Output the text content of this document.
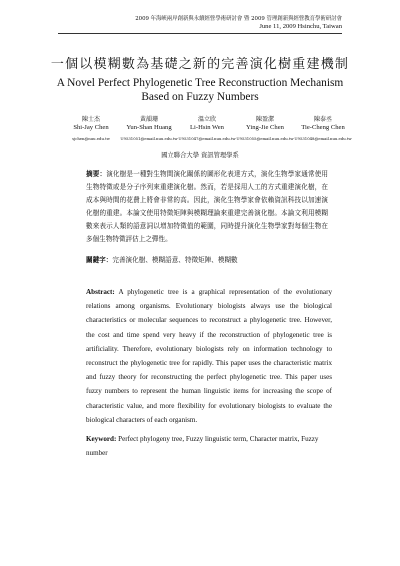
2009 年海峽兩岸創新與永續經營學術研討會 暨 2009 管理創新與經營教育學術研討會
June 11, 2009 Hsinchu, Taiwan
一個以模糊數為基礎之新的完善演化樹重建機制
A Novel Perfect Phylogenetic Tree Reconstruction Mechanism
Based on Fuzzy Numbers
陳士杰
Shi-Jay Chen
sjchen@nuu.edu.tw
黃韻珊
Yun-Shan Huang
U9531051@email.nuu.edu.tw
溫立欣
Li-Hsin Wen
U9531047@email.nuu.edu.tw
陳盈潔
Ying-Jie Chen
U9531055@email.nuu.edu.tw
陳泰丞
Tie-Cheng Chen
U9531048@email.nuu.edu.tw
國立聯合大學 資訊管理學系
摘要：演化樹是一種對生物間演化關係的圖形化表達方式，演化生物學家通常使用生物特徵或是分子序列來重建演化樹。然而，若是採用人工的方式重建演化樹，在成本與時間的花費上將會非常的高。因此，演化生物學家會依賴資訊科技以加速演化樹的重建。本論文使用特徵矩陣與模糊理論來重建完善演化樹。本論文利用模糊數來表示人類的語意詞以增加特徵值的範圍，同時提升演化生物學家對每個生物在多個生物特徵評估上之彈性。
關鍵字：完善演化樹、模糊語意、特徵矩陣、模糊數
Abstract: A phylogenetic tree is a graphical representation of the evolutionary relations among organisms. Evolutionary biologists always use the biological characteristics or molecular sequences to reconstruct a phylogenetic tree. However, the cost and time spend very heavy if the reconstruction of phylogenetic tree is artificiality. Therefore, evolutionary biologists rely on information technology to reconstruct the phylogenetic tree for rapidly. This paper uses the characteristic matrix and fuzzy theory for reconstructing the perfect phylogenetic tree. This paper uses fuzzy numbers to represent the human linguistic items for increasing the scope of characteristic value, and more flexibility for evolutionary biologists to evaluate the biological characters of each organism.
Keyword: Perfect phylogeny tree, Fuzzy linguistic term, Character matrix, Fuzzy number
